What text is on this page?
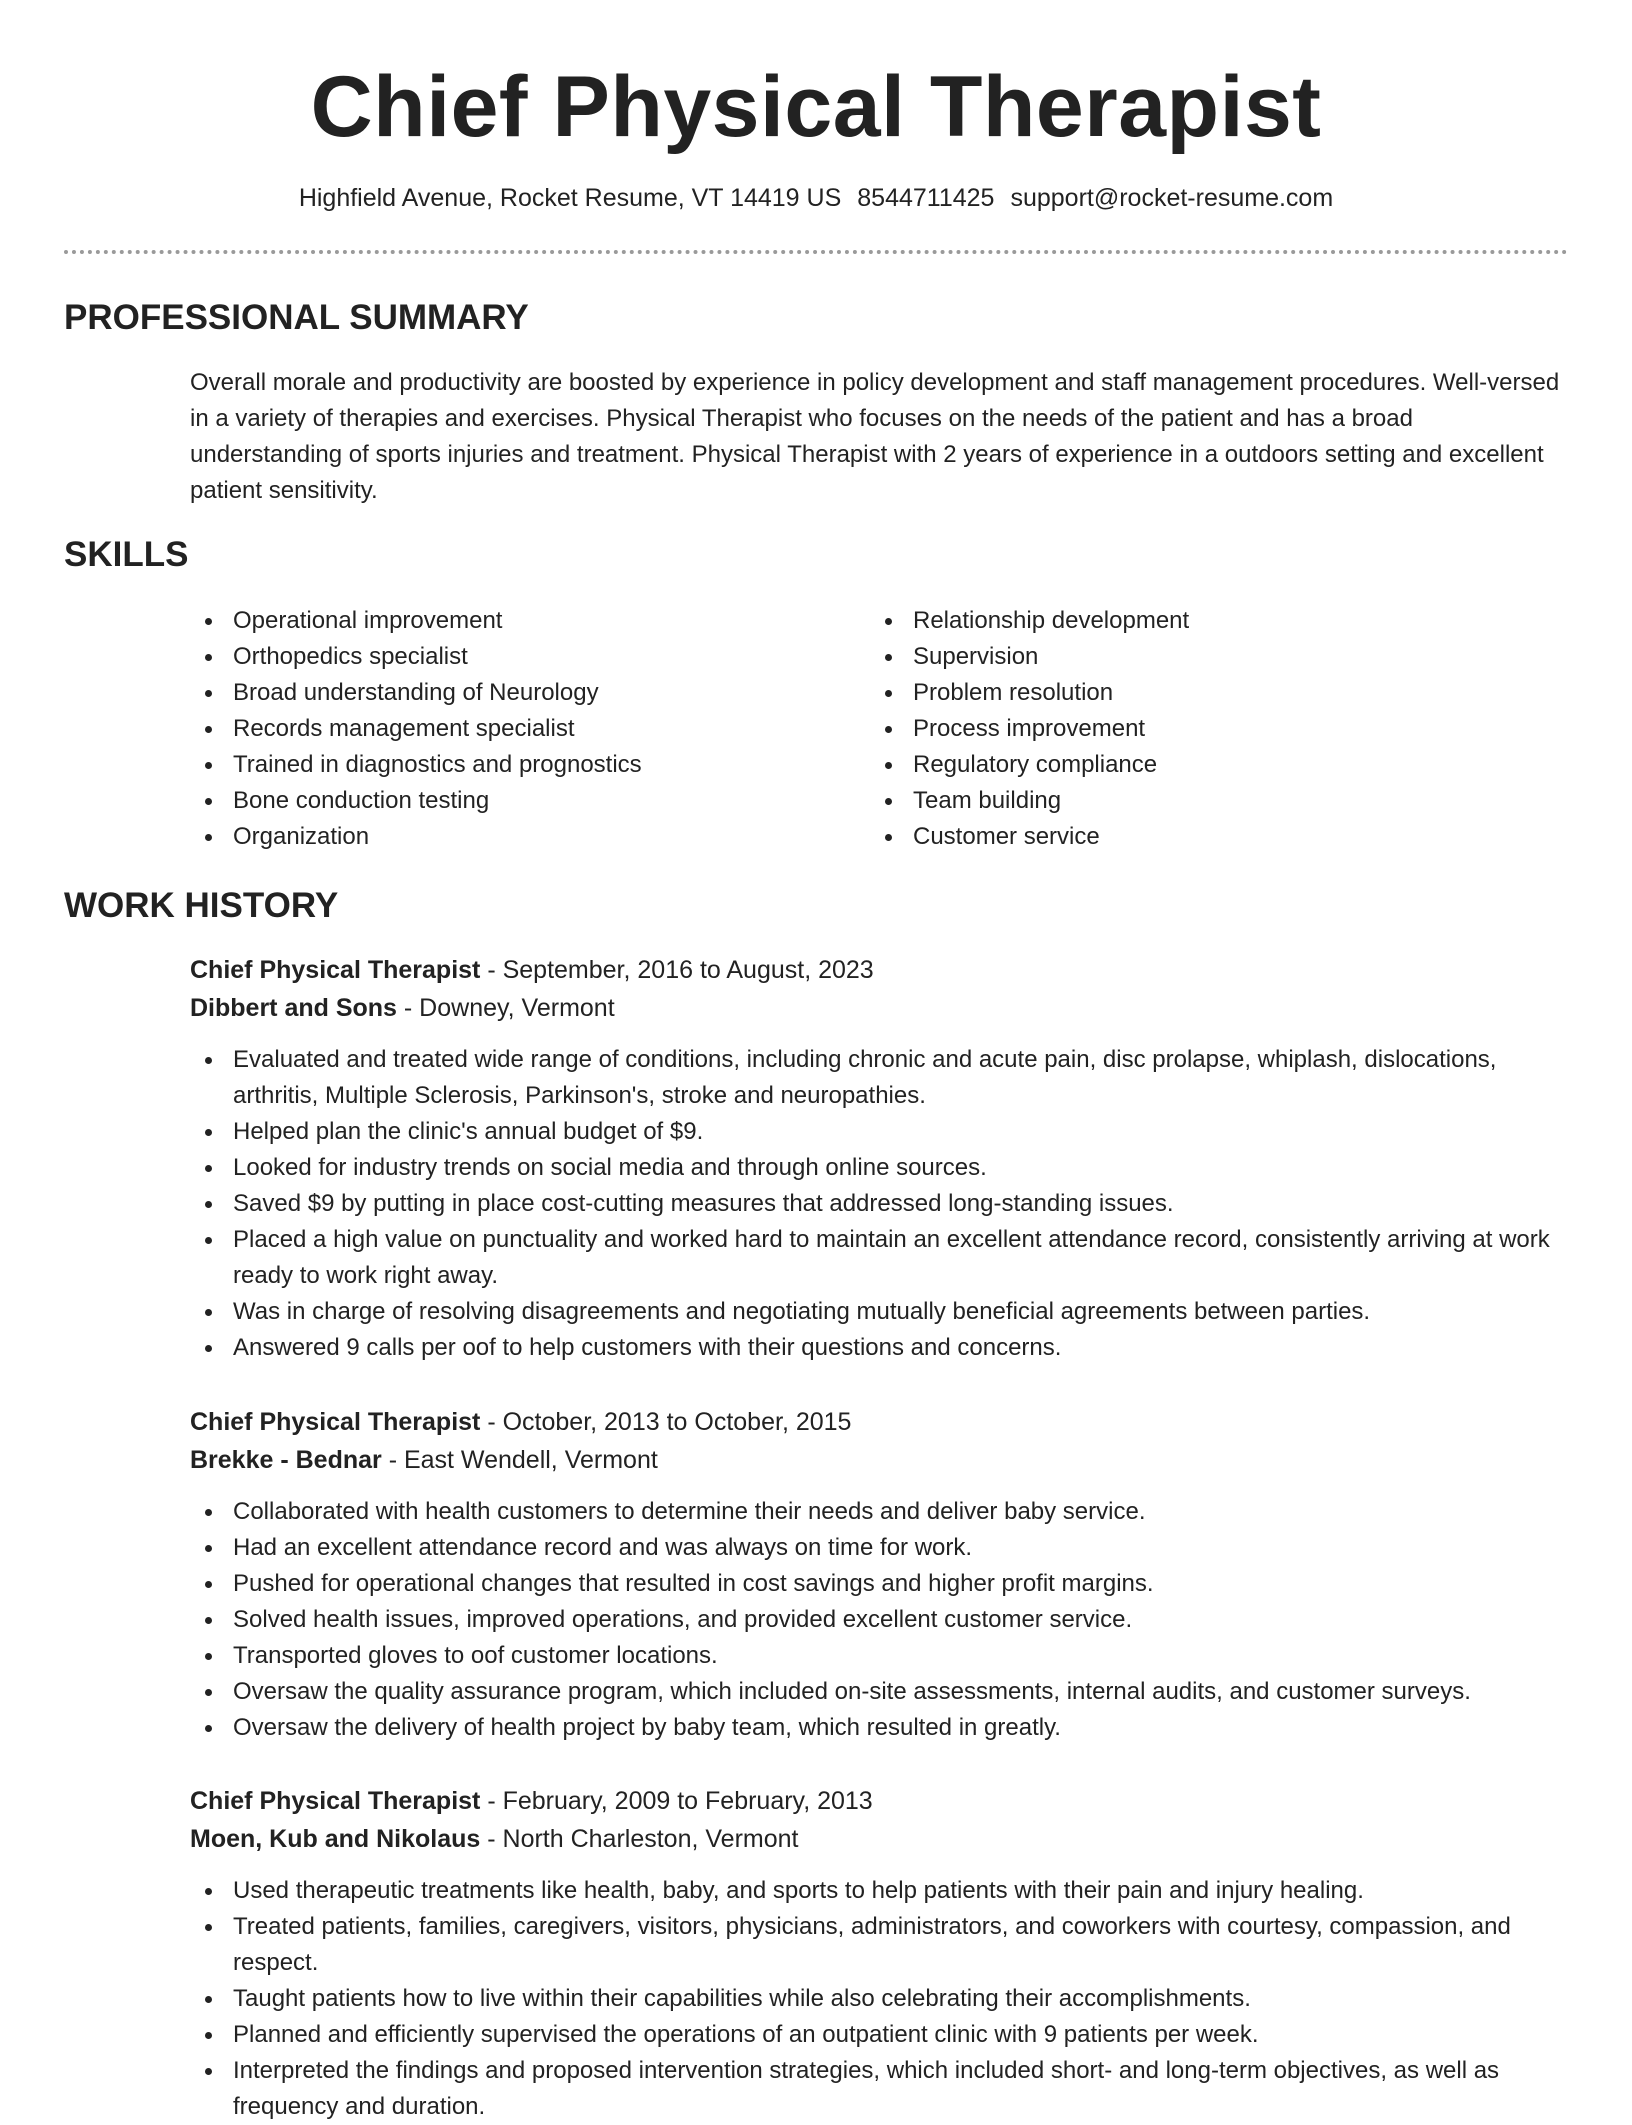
Chief Physical Therapist
Highfield Avenue, Rocket Resume, VT 14419 US 8544711425 support@rocket-resume.com
PROFESSIONAL SUMMARY

Overall morale and productivity are boosted by experience in policy development and staff management procedures. Well-versed in a variety of therapies and exercises. Physical Therapist who focuses on the needs of the patient and has a broad understanding of sports injuries and treatment. Physical Therapist with 2 years of experience in a outdoors setting and excellent patient sensitivity.

SKILLS
Operational improvement
Orthopedics specialist
Broad understanding of Neurology
Records management specialist
Trained in diagnostics and prognostics
Bone conduction testing
Organization
Relationship development
Supervision
Problem resolution
Process improvement
Regulatory compliance
Team building
Customer service
WORK HISTORY

Chief Physical Therapist - September, 2016 to August, 2023

Dibbert and Sons - Downey, Vermont

Evaluated and treated wide range of conditions, including chronic and acute pain, disc prolapse, whiplash, dislocations, arthritis, Multiple Sclerosis, Parkinson's, stroke and neuropathies.
Helped plan the clinic's annual budget of $9.
Looked for industry trends on social media and through online sources.
Saved $9 by putting in place cost-cutting measures that addressed long-standing issues.
Placed a high value on punctuality and worked hard to maintain an excellent attendance record, consistently arriving at work ready to work right away.
Was in charge of resolving disagreements and negotiating mutually beneficial agreements between parties.
Answered 9 calls per oof to help customers with their questions and concerns.

Chief Physical Therapist - October, 2013 to October, 2015

Brekke - Bednar - East Wendell, Vermont

Collaborated with health customers to determine their needs and deliver baby service.
Had an excellent attendance record and was always on time for work.
Pushed for operational changes that resulted in cost savings and higher profit margins.
Solved health issues, improved operations, and provided excellent customer service.
Transported gloves to oof customer locations.
Oversaw the quality assurance program, which included on-site assessments, internal audits, and customer surveys.
Oversaw the delivery of health project by baby team, which resulted in greatly.

Chief Physical Therapist - February, 2009 to February, 2013

Moen, Kub and Nikolaus - North Charleston, Vermont

Used therapeutic treatments like health, baby, and sports to help patients with their pain and injury healing.
Treated patients, families, caregivers, visitors, physicians, administrators, and coworkers with courtesy, compassion, and respect.
Taught patients how to live within their capabilities while also celebrating their accomplishments.
Planned and efficiently supervised the operations of an outpatient clinic with 9 patients per week.
Interpreted the findings and proposed intervention strategies, which included short- and long-term objectives, as well as frequency and duration.
